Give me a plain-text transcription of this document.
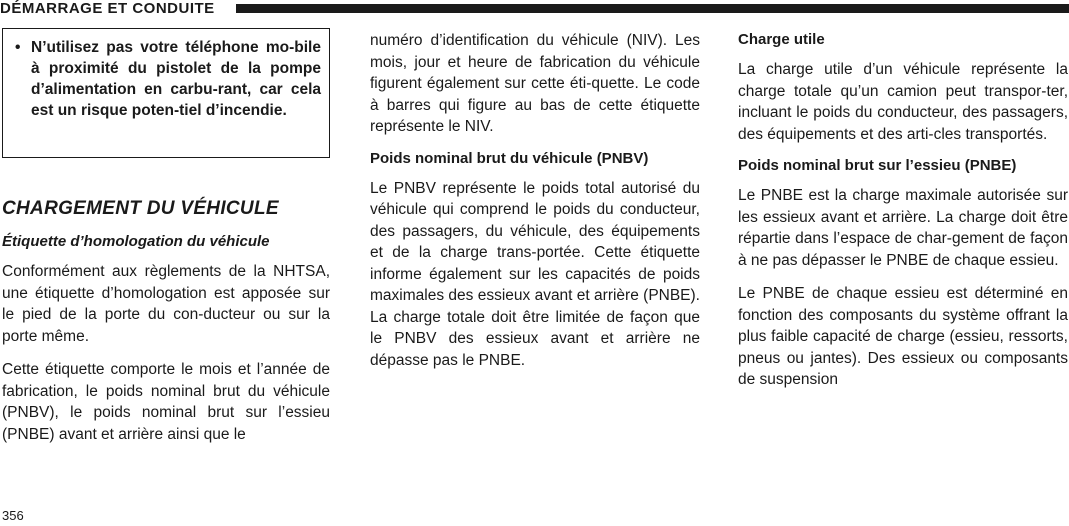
DÉMARRAGE ET CONDUITE
• N’utilisez pas votre téléphone mo-bile à proximité du pistolet de la pompe d’alimentation en carbu-rant, car cela est un risque poten-tiel d’incendie.
CHARGEMENT DU VÉHICULE
Étiquette d’homologation du véhicule

Conformément aux règlements de la NHTSA, une étiquette d’homologation est apposée sur le pied de la porte du con-ducteur ou sur la porte même.

Cette étiquette comporte le mois et l’année de fabrication, le poids nominal brut du véhicule (PNBV), le poids nominal brut sur l’essieu (PNBE) avant et arrière ainsi que le

numéro d’identification du véhicule (NIV). Les mois, jour et heure de fabrication du véhicule figurent également sur cette éti-quette. Le code à barres qui figure au bas de cette étiquette représente le NIV.

Poids nominal brut du véhicule (PNBV)

Le PNBV représente le poids total autorisé du véhicule qui comprend le poids du conducteur, des passagers, du véhicule, des équipements et de la charge trans-portée. Cette étiquette informe également sur les capacités de poids maximales des essieux avant et arrière (PNBE). La charge totale doit être limitée de façon que le PNBV des essieux avant et arrière ne dépasse pas le PNBE.

Charge utile

La charge utile d’un véhicule représente la charge totale qu’un camion peut transpor-ter, incluant le poids du conducteur, des passagers, des équipements et des arti-cles transportés.

Poids nominal brut sur l’essieu (PNBE)

Le PNBE est la charge maximale autorisée sur les essieux avant et arrière. La charge doit être répartie dans l’espace de char-gement de façon à ne pas dépasser le PNBE de chaque essieu.

Le PNBE de chaque essieu est déterminé en fonction des composants du système offrant la plus faible capacité de charge (essieu, ressorts, pneus ou jantes). Des essieux ou composants de suspension

356
